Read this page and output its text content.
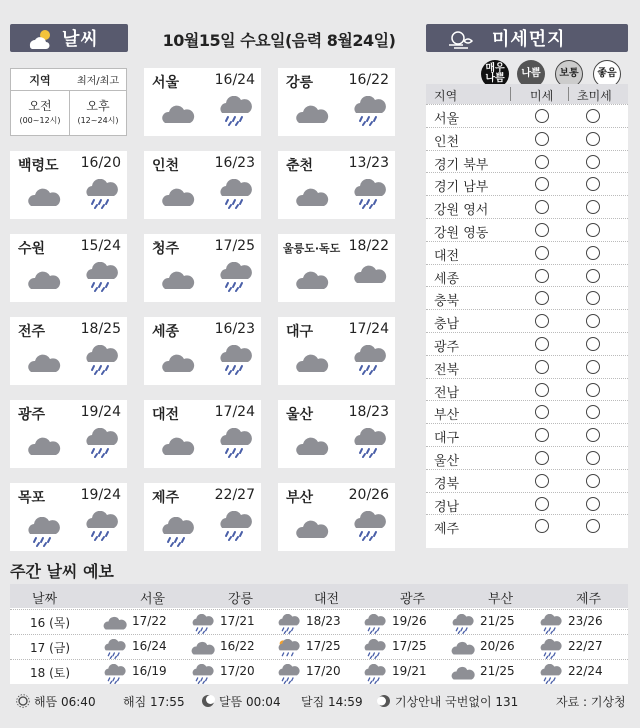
날씨	10월15일 수요일(음력 8월24일)	미세먼지
매우
나쁨	나쁨	보통	좋음
지역	최저/최고
오전
(00~12시)
오후
(12~24시)
서울	16/24 강릉	16/22
백령도 16/20 인천	16/23 춘천	13/23
수원	15/24 청주	17/25	울릉도·독도 18/22
전주	18/25 세종	16/23 대구	17/24
광주	19/24 대전	17/24 울산	18/23
목포	19/24 제주	22/27 부산	20/26
지역	미세 초미세
서울
인천
경기 북부
경기 남부
강원 영서
강원 영동
대전
세종
충북
충남
광주
전북
전남
부산
대구
울산
경북
경남
제주
주간 날씨 예보
날짜	서울	강릉	대전	광주	부산	제주
16 (목)	17/22	17/21	18/23	19/26	21/25	23/26
17 (금)	16/24	16/22	17/25	17/25	20/26	22/27
18 (토)	16/19	17/20	17/20	19/21	21/25	22/24
해뜸 06:40 해짐 17:55	달뜸 00:04 달짐 14:59	기상안내 국번없이 131	자료 : 기상청
